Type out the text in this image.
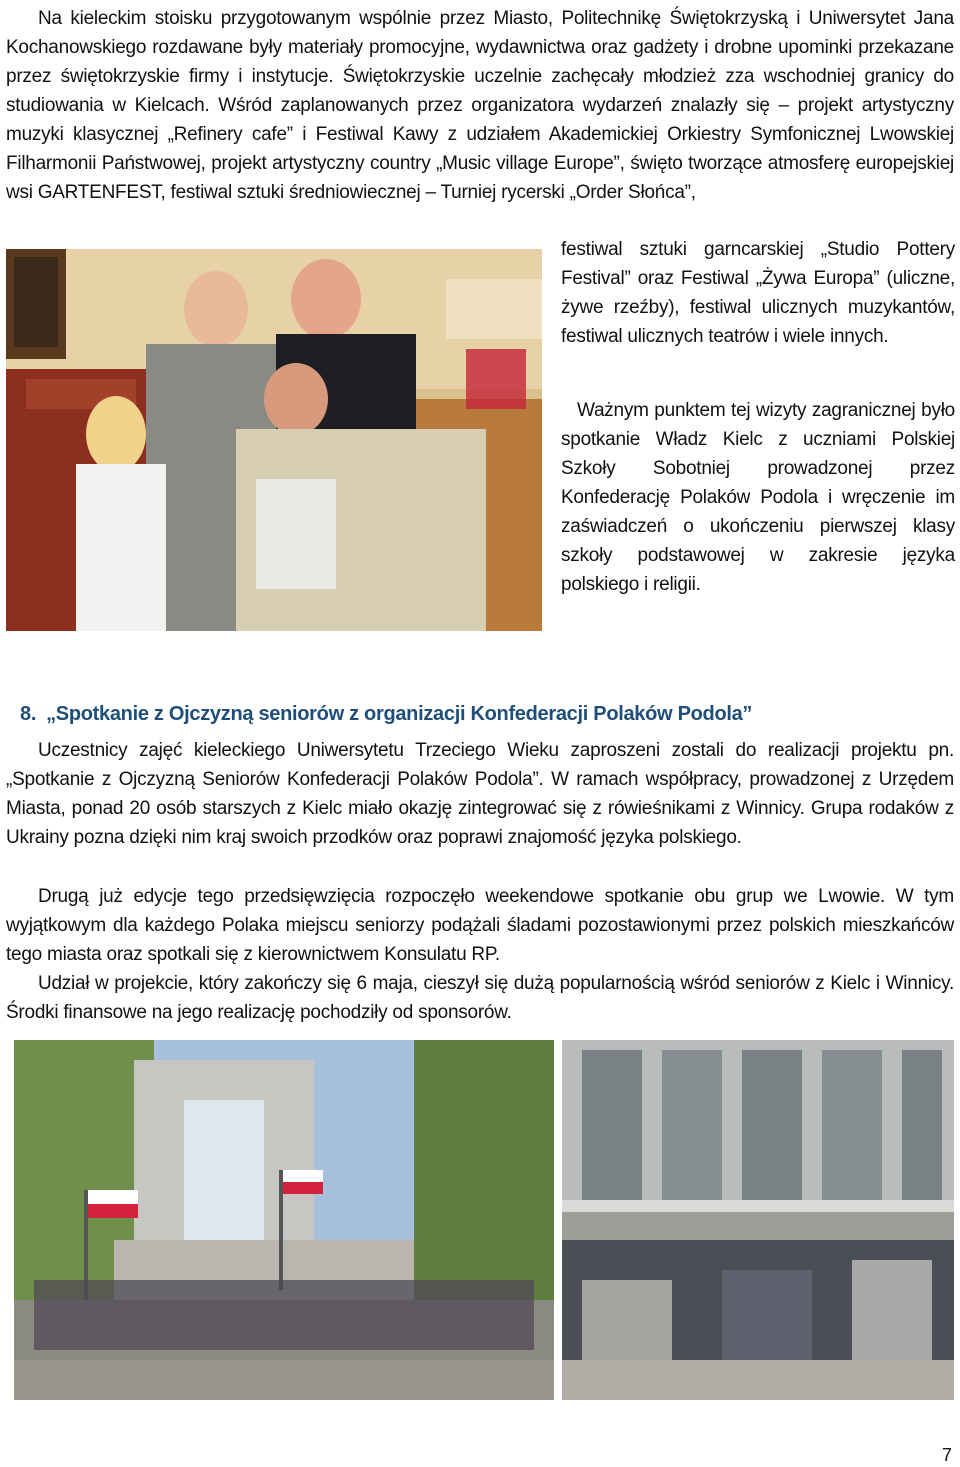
Na kieleckim stoisku przygotowanym wspólnie przez Miasto, Politechnikę Świętokrzyską i Uniwersytet Jana Kochanowskiego rozdawane były materiały promocyjne, wydawnictwa oraz gadżety i drobne upominki przekazane przez świętokrzyskie firmy i instytucje. Świętokrzyskie uczelnie zachęcały młodzież zza wschodniej granicy do studiowania w Kielcach. Wśród zaplanowanych przez organizatora wydarzeń znalazły się – projekt artystyczny muzyki klasycznej „Refinery cafe” i Festiwal Kawy z udziałem Akademickiej Orkiestry Symfonicznej Lwowskiej Filharmonii Państwowej, projekt artystyczny country „Music village Europe”, święto tworzące atmosferę europejskiej wsi GARTENFEST, festiwal sztuki średniowiecznej – Turniej rycerski „Order Słońca”,

festiwal sztuki garncarskiej „Studio Pottery Festival” oraz Festiwal „Żywa Europa” (uliczne, żywe rzeźby), festiwal ulicznych muzykantów, festiwal ulicznych teatrów i wiele innych.

Ważnym punktem tej wizyty zagranicznej było spotkanie Władz Kielc z uczniami Polskiej Szkoły Sobotniej prowadzonej przez Konfederację Polaków Podola i wręczenie im zaświadczeń o ukończeniu pierwszej klasy szkoły podstawowej w zakresie języka polskiego i religii.

8. „Spotkanie z Ojczyzną seniorów z organizacji Konfederacji Polaków Podola”

Uczestnicy zajęć kieleckiego Uniwersytetu Trzeciego Wieku zaproszeni zostali do realizacji projektu pn. „Spotkanie z Ojczyzną Seniorów Konfederacji Polaków Podola”. W ramach współpracy, prowadzonej z Urzędem Miasta, ponad 20 osób starszych z Kielc miało okazję zintegrować się z rówieśnikami z Winnicy. Grupa rodaków z Ukrainy pozna dzięki nim kraj swoich przodków oraz poprawi znajomość języka polskiego.

Drugą już edycje tego przedsięwzięcia rozpoczęło weekendowe spotkanie obu grup we Lwowie. W tym wyjątkowym dla każdego Polaka miejscu seniorzy podążali śladami pozostawionymi przez polskich mieszkańców tego miasta oraz spotkali się z kierownictwem Konsulatu RP.

Udział w projekcie, który zakończy się 6 maja, cieszył się dużą popularnością wśród seniorów z Kielc i Winnicy. Środki finansowe na jego realizację pochodziły od sponsorów.

7
